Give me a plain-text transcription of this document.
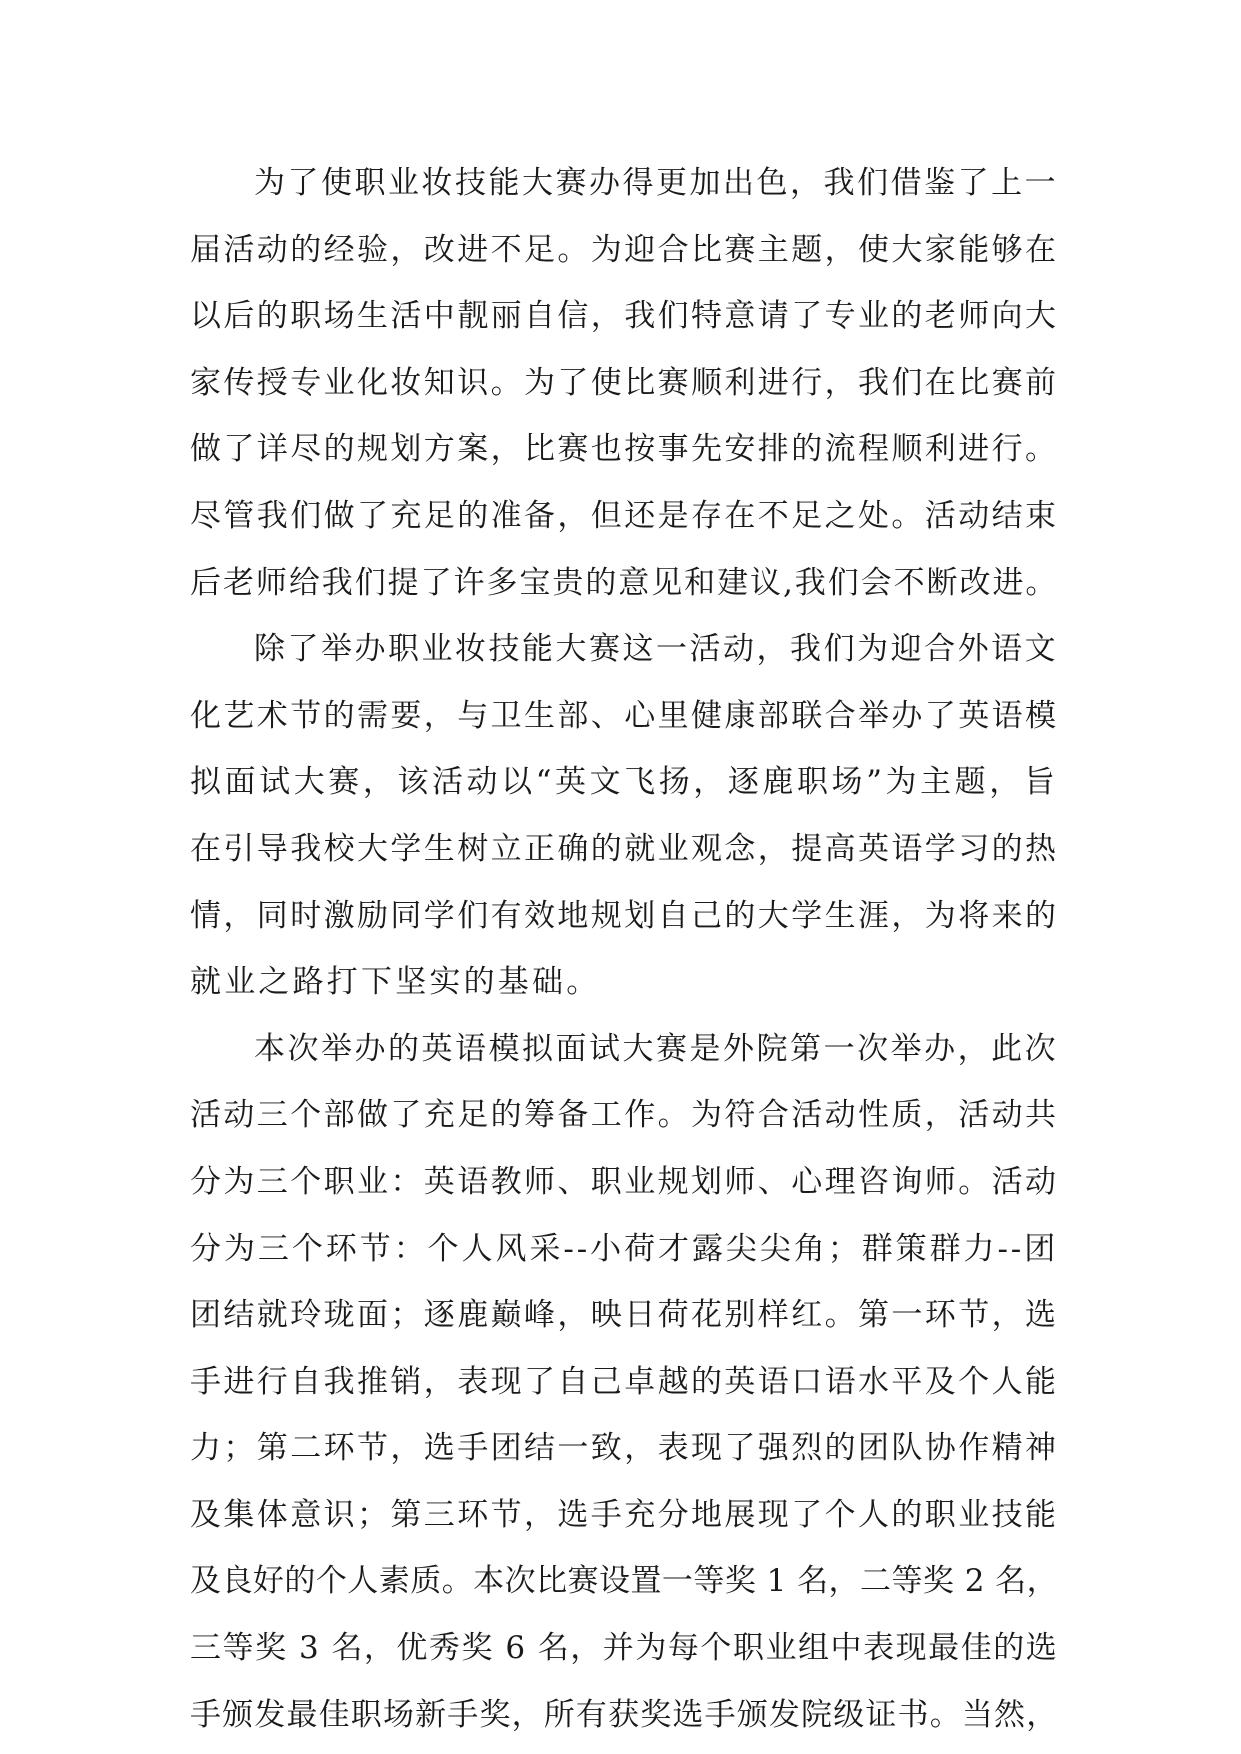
为了使职业妆技能大赛办得更加出色，我们借鉴了上一
届活动的经验，改进不足。为迎合比赛主题，使大家能够在
以后的职场生活中靓丽自信，我们特意请了专业的老师向大
家传授专业化妆知识。为了使比赛顺利进行，我们在比赛前
做了详尽的规划方案，比赛也按事先安排的流程顺利进行。
尽管我们做了充足的准备，但还是存在不足之处。活动结束
后老师给我们提了许多宝贵的意见和建议,我们会不断改进。
除了举办职业妆技能大赛这一活动，我们为迎合外语文
化艺术节的需要，与卫生部、心里健康部联合举办了英语模
拟面试大赛，该活动以“英文飞扬，逐鹿职场”为主题，旨
在引导我校大学生树立正确的就业观念，提高英语学习的热
情，同时激励同学们有效地规划自己的大学生涯，为将来的
就业之路打下坚实的基础。
本次举办的英语模拟面试大赛是外院第一次举办，此次
活动三个部做了充足的筹备工作。为符合活动性质，活动共
分为三个职业：英语教师、职业规划师、心理咨询师。活动
分为三个环节：个人风采--小荷才露尖尖角；群策群力--团
团结就玲珑面；逐鹿巅峰，映日荷花别样红。第一环节，选
手进行自我推销，表现了自己卓越的英语口语水平及个人能
力；第二环节，选手团结一致，表现了强烈的团队协作精神
及集体意识；第三环节，选手充分地展现了个人的职业技能
及良好的个人素质。本次比赛设置一等奖 1 名，二等奖 2 名，
三等奖 3 名，优秀奖 6 名，并为每个职业组中表现最佳的选
手颁发最佳职场新手奖，所有获奖选手颁发院级证书。当然，
